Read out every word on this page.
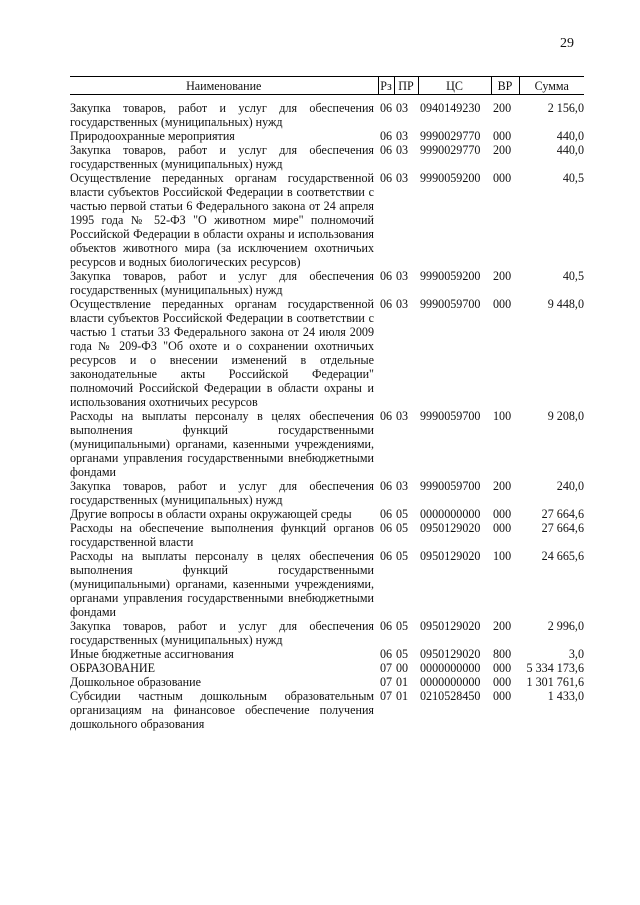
29
Наименование	Рз	ПР	ЦС	ВР	Сумма

Закупка товаров, работ и услуг для обеспечения государственных (муниципальных) нужд	06	03	0940149230	200	2 156,0
Природоохранные мероприятия	06	03	9990029770	000	440,0
Закупка товаров, работ и услуг для обеспечения государственных (муниципальных) нужд	06	03	9990029770	200	440,0
Осуществление переданных органам государственной власти субъектов Российской Федерации в соответствии с частью первой статьи 6 Федерального закона от 24 апреля 1995 года № 52-ФЗ "О животном мире" полномочий Российской Федерации в области охраны и использования объектов животного мира (за исключением охотничьих ресурсов и водных биологических ресурсов)	06	03	9990059200	000	40,5
Закупка товаров, работ и услуг для обеспечения государственных (муниципальных) нужд	06	03	9990059200	200	40,5
Осуществление переданных органам государственной власти субъектов Российской Федерации в соответствии с частью 1 статьи 33 Федерального закона от 24 июля 2009 года № 209-ФЗ "Об охоте и о сохранении охотничьих ресурсов и о внесении изменений в отдельные законодательные акты Российской Федерации" полномочий Российской Федерации в области охраны и использования охотничьих ресурсов	06	03	9990059700	000	9 448,0
Расходы на выплаты персоналу в целях обеспечения выполнения функций государственными (муниципальными) органами, казенными учреждениями, органами управления государственными внебюджетными фондами	06	03	9990059700	100	9 208,0
Закупка товаров, работ и услуг для обеспечения государственных (муниципальных) нужд	06	03	9990059700	200	240,0
Другие вопросы в области охраны окружающей среды	06	05	0000000000	000	27 664,6
Расходы на обеспечение выполнения функций органов государственной власти	06	05	0950129020	000	27 664,6
Расходы на выплаты персоналу в целях обеспечения выполнения функций государственными (муниципальными) органами, казенными учреждениями, органами управления государственными внебюджетными фондами	06	05	0950129020	100	24 665,6
Закупка товаров, работ и услуг для обеспечения государственных (муниципальных) нужд	06	05	0950129020	200	2 996,0
Иные бюджетные ассигнования	06	05	0950129020	800	3,0
ОБРАЗОВАНИЕ	07	00	0000000000	000	5 334 173,6
Дошкольное образование	07	01	0000000000	000	1 301 761,6
Субсидии частным дошкольным образовательным организациям на финансовое обеспечение получения дошкольного образования	07	01	0210528450	000	1 433,0
